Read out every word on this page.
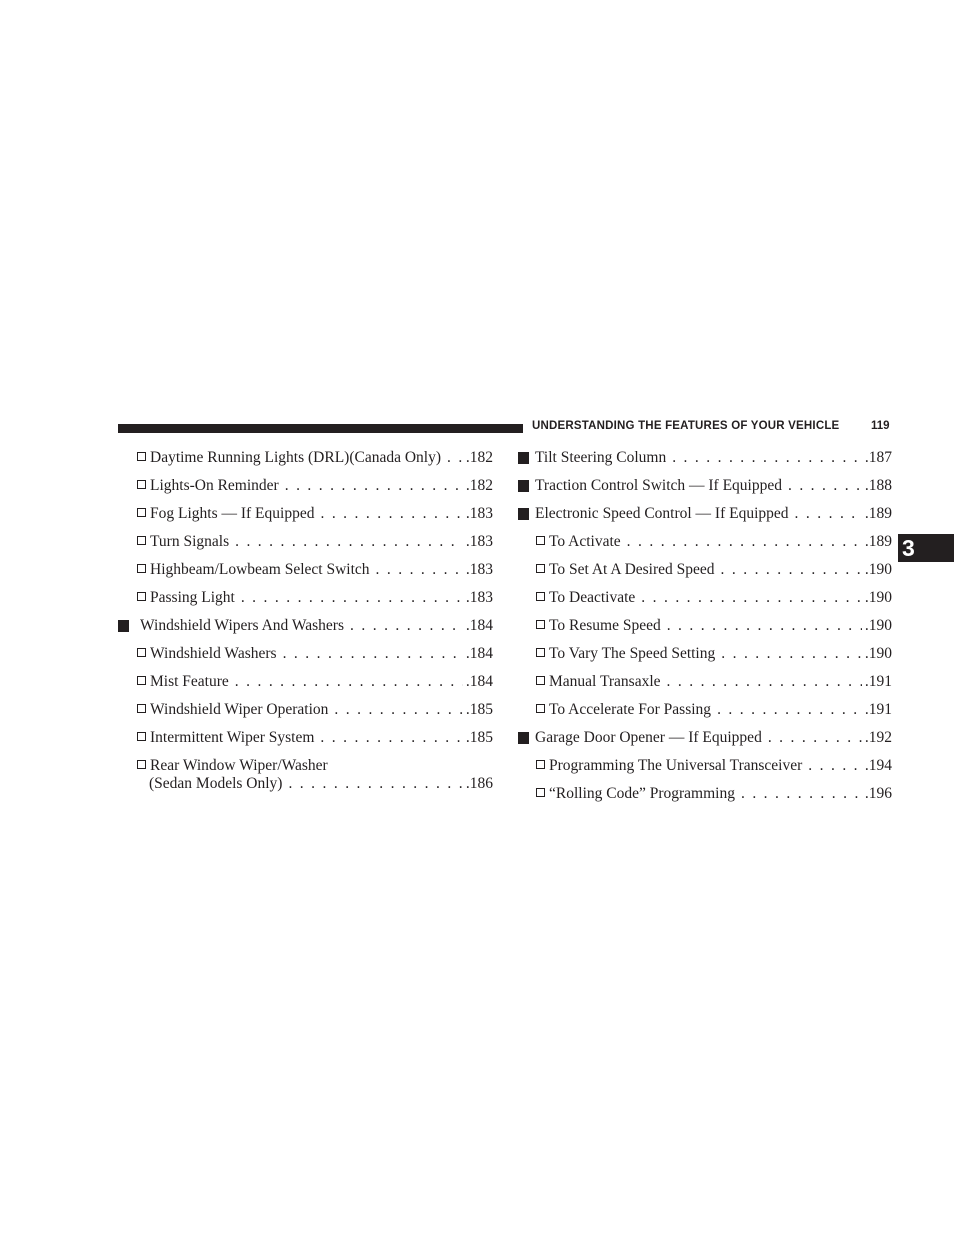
UNDERSTANDING THE FEATURES OF YOUR VEHICLE	119
3
Daytime Running Lights (DRL)(Canada Only) . . . .182
Lights-On Reminder . . .	.182
Fog Lights — If Equipped . . .	.183
Turn Signals . . .	.183
Highbeam/Lowbeam Select Switch . . .	.183
Passing Light . . .	.183
Windshield Wipers And Washers . . .	.184
Windshield Washers . . .	.184
Mist Feature . . .	.184
Windshield Wiper Operation . . .	.185
Intermittent Wiper System . . .	.185
Rear Window Wiper/Washer
(Sedan Models Only) . . .	.186
Tilt Steering Column . . .	.187
Traction Control Switch — If Equipped . . .	.188
Electronic Speed Control — If Equipped . . .	.189
To Activate . . .	.189
To Set At A Desired Speed . . .	.190
To Deactivate . . .	.190
To Resume Speed . . .	.190
To Vary The Speed Setting . . .	.190
Manual Transaxle . . .	.191
To Accelerate For Passing . . .	.191
Garage Door Opener — If Equipped . . .	.192
Programming The Universal Transceiver . . .	.194
“Rolling Code” Programming . . .	.196
